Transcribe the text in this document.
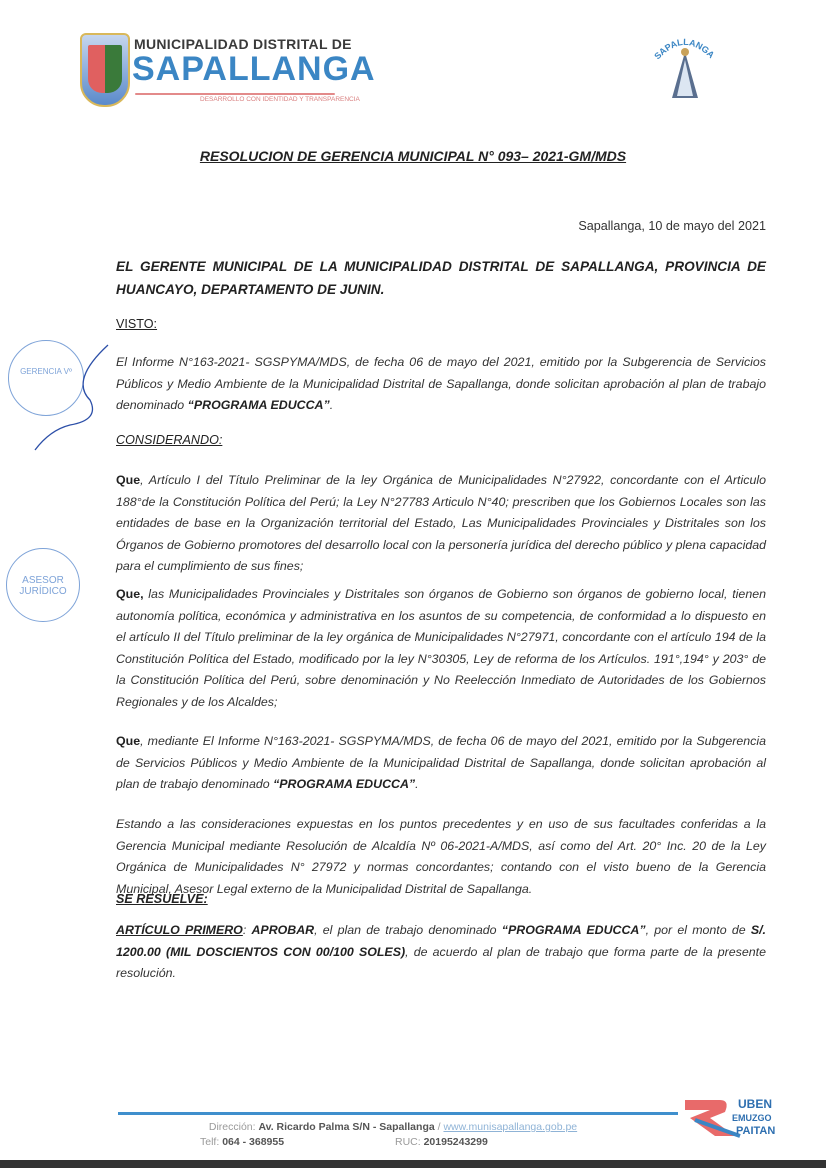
MUNICIPALIDAD DISTRITAL DE
SAPALLANGA
DESARROLLO CON IDENTIDAD Y TRANSPARENCIA
SAPALLANGA
GERENCIA Vº
ASESOR JURÍDICO
RESOLUCION DE GERENCIA MUNICIPAL N° 093– 2021-GM/MDS
Sapallanga, 10 de mayo del 2021
EL GERENTE MUNICIPAL DE LA MUNICIPALIDAD DISTRITAL DE SAPALLANGA, PROVINCIA DE HUANCAYO, DEPARTAMENTO DE JUNIN.
VISTO:
El Informe N°163-2021- SGSPYMA/MDS, de fecha 06 de mayo del 2021, emitido por la Subgerencia de Servicios Públicos y Medio Ambiente de la Municipalidad Distrital de Sapallanga, donde solicitan aprobación al plan de trabajo denominado “PROGRAMA EDUCCA”.
CONSIDERANDO:
Que, Artículo I del Título Preliminar de la ley Orgánica de Municipalidades N°27922, concordante con el Articulo 188°de la Constitución Política del Perú; la Ley N°27783 Articulo N°40; prescriben que los Gobiernos Locales son las entidades de base en la Organización territorial del Estado, Las Municipalidades Provinciales y Distritales son los Órganos de Gobierno promotores del desarrollo local con la personería jurídica del derecho público y plena capacidad para el cumplimiento de sus fines;
Que, las Municipalidades Provinciales y Distritales son órganos de Gobierno son órganos de gobierno local, tienen autonomía política, económica y administrativa en los asuntos de su competencia, de conformidad a lo dispuesto en el artículo II del Título preliminar de la ley orgánica de Municipalidades N°27971, concordante con el artículo 194 de la Constitución Política del Estado, modificado por la ley N°30305, Ley de reforma de los Artículos. 191°,194° y 203° de la Constitución Política del Perú, sobre denominación y No Reelección Inmediato de Autoridades de los Gobiernos Regionales y de los Alcaldes;
Que, mediante El Informe N°163-2021- SGSPYMA/MDS, de fecha 06 de mayo del 2021, emitido por la Subgerencia de Servicios Públicos y Medio Ambiente de la Municipalidad Distrital de Sapallanga, donde solicitan aprobación al plan de trabajo denominado “PROGRAMA EDUCCA”.
Estando a las consideraciones expuestas en los puntos precedentes y en uso de sus facultades conferidas a la Gerencia Municipal mediante Resolución de Alcaldía Nº 06-2021-A/MDS, así como del Art. 20° Inc. 20 de la Ley Orgánica de Municipalidades N° 27972 y normas concordantes; contando con el visto bueno de la Gerencia Municipal, Asesor Legal externo de la Municipalidad Distrital de Sapallanga.
SE RESUELVE:
ARTÍCULO PRIMERO: APROBAR, el plan de trabajo denominado “PROGRAMA EDUCCA”, por el monto de S/. 1200.00 (MIL DOSCIENTOS CON 00/100 SOLES), de acuerdo al plan de trabajo que forma parte de la presente resolución.
Dirección: Av. Ricardo Palma S/N - Sapallanga / www.munisapallanga.gob.pe
Telf: 064 - 368955	RUC: 20195243299
UBEN
EMUZGO
PAITAN
